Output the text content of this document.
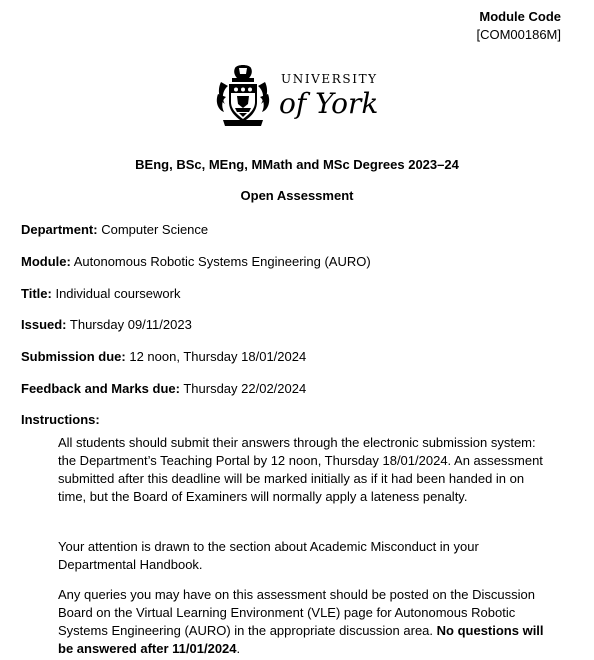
Module Code
[COM00186M]
UNIVERSITY
of York
BEng, BSc, MEng, MMath and MSc Degrees 2023–24
Open Assessment
Department: Computer Science
Module: Autonomous Robotic Systems Engineering (AURO)
Title: Individual coursework
Issued: Thursday 09/11/2023
Submission due: 12 noon, Thursday 18/01/2024
Feedback and Marks due: Thursday 22/02/2024
Instructions:
All students should submit their answers through the electronic submission system: the Department’s Teaching Portal by 12 noon, Thursday 18/01/2024. An assessment submitted after this deadline will be marked initially as if it had been handed in on time, but the Board of Examiners will normally apply a lateness penalty.
Your attention is drawn to the section about Academic Misconduct in your Departmental Handbook.
Any queries you may have on this assessment should be posted on the Discussion Board on the Virtual Learning Environment (VLE) page for Autonomous Robotic Systems Engineering (AURO) in the appropriate discussion area. No questions will be answered after 11/01/2024.
